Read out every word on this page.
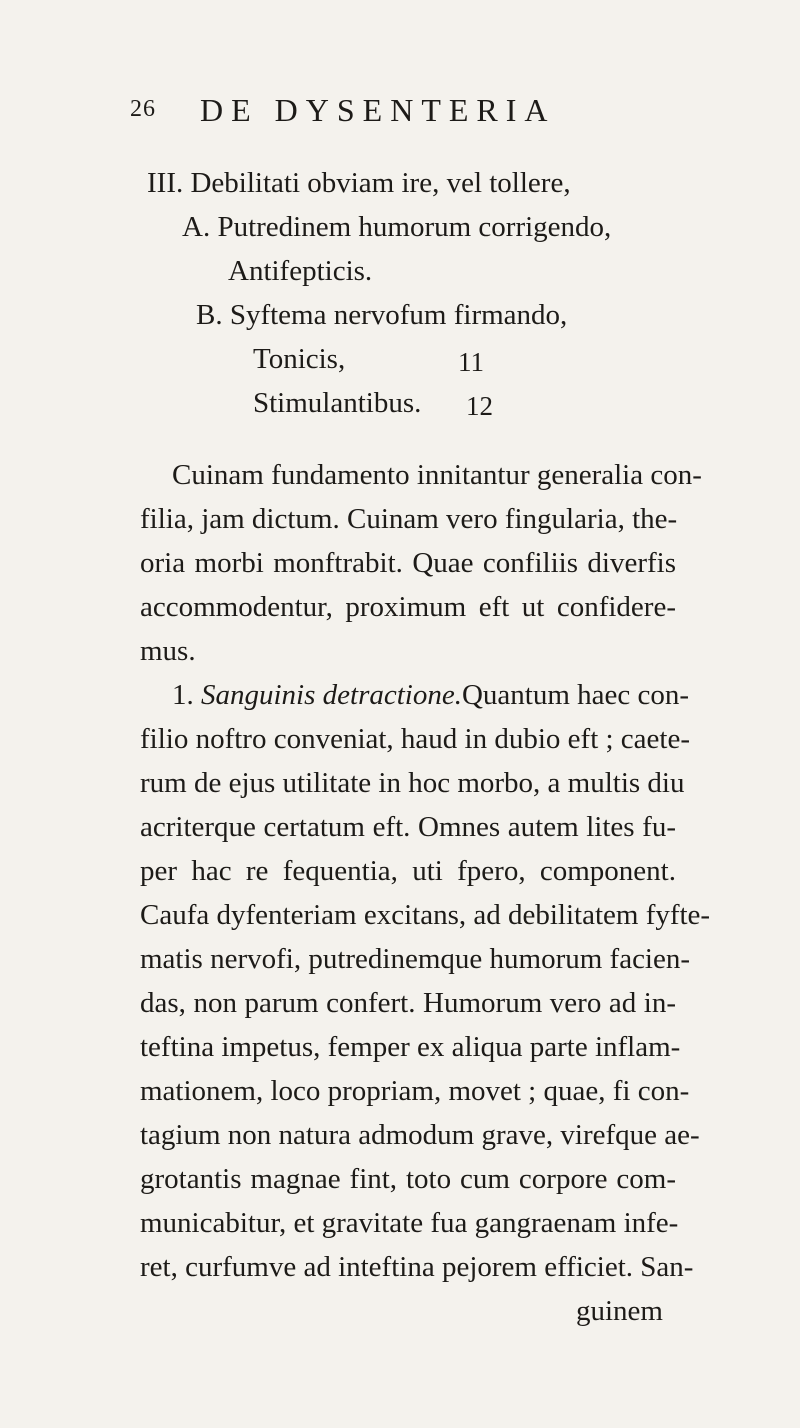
26 DE DYSENTERIA
III. Debilitati obviam ire, vel tollere,
A. Putredinem humorum corrigendo,
Antifepticis.
B. Syftema nervofum firmando,
Tonicis,	11
Stimulantibus. 12
Cuinam fundamento innitantur generalia con-
filia, jam dictum. Cuinam vero fingularia, the-
oria morbi monftrabit. Quae confiliis diverfis
accommodentur, proximum eft ut confidere-
mus.
1. Sanguinis detractione. Quantum haec con-
filio noftro conveniat, haud in dubio eft ; caete-
rum de ejus utilitate in hoc morbo, a multis diu
acriterque certatum eft. Omnes autem lites fu-
per hac re fequentia, uti fpero, component.
Caufa dyfenteriam excitans, ad debilitatem fyfte-
matis nervofi, putredinemque humorum facien-
das, non parum confert. Humorum vero ad in-
teftina impetus, femper ex aliqua parte inflam-
mationem, loco propriam, movet ; quae, fi con-
tagium non natura admodum grave, virefque ae-
grotantis magnae fint, toto cum corpore com-
municabitur, et gravitate fua gangraenam infe-
ret, curfumve ad inteftina pejorem efficiet. San-
guinem
